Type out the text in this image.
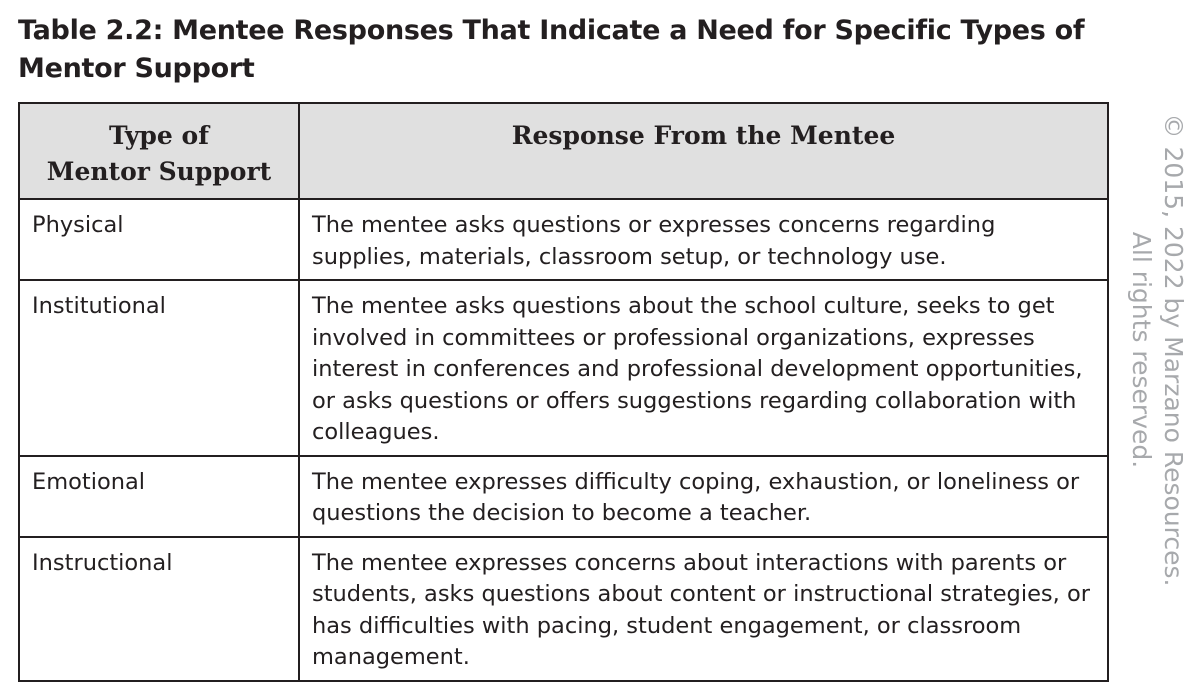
Table 2.2: Mentee Responses That Indicate a Need for Specific Types of
Mentor Support
Type of
Mentor Support	Response From the Mentee
Physical	The mentee asks questions or expresses concerns regarding supplies, materials, classroom setup, or technology use.
Institutional	The mentee asks questions about the school culture, seeks to get involved in committees or professional organizations, expresses interest in conferences and professional development opportunities, or asks questions or offers suggestions regarding collaboration with colleagues.
Emotional	The mentee expresses difficulty coping, exhaustion, or loneliness or questions the decision to become a teacher.
Instructional	The mentee expresses concerns about interactions with parents or students, asks questions about content or instructional strategies, or has difficulties with pacing, student engagement, or classroom management.
© 2015, 2022 by Marzano Resources.
All rights reserved.
